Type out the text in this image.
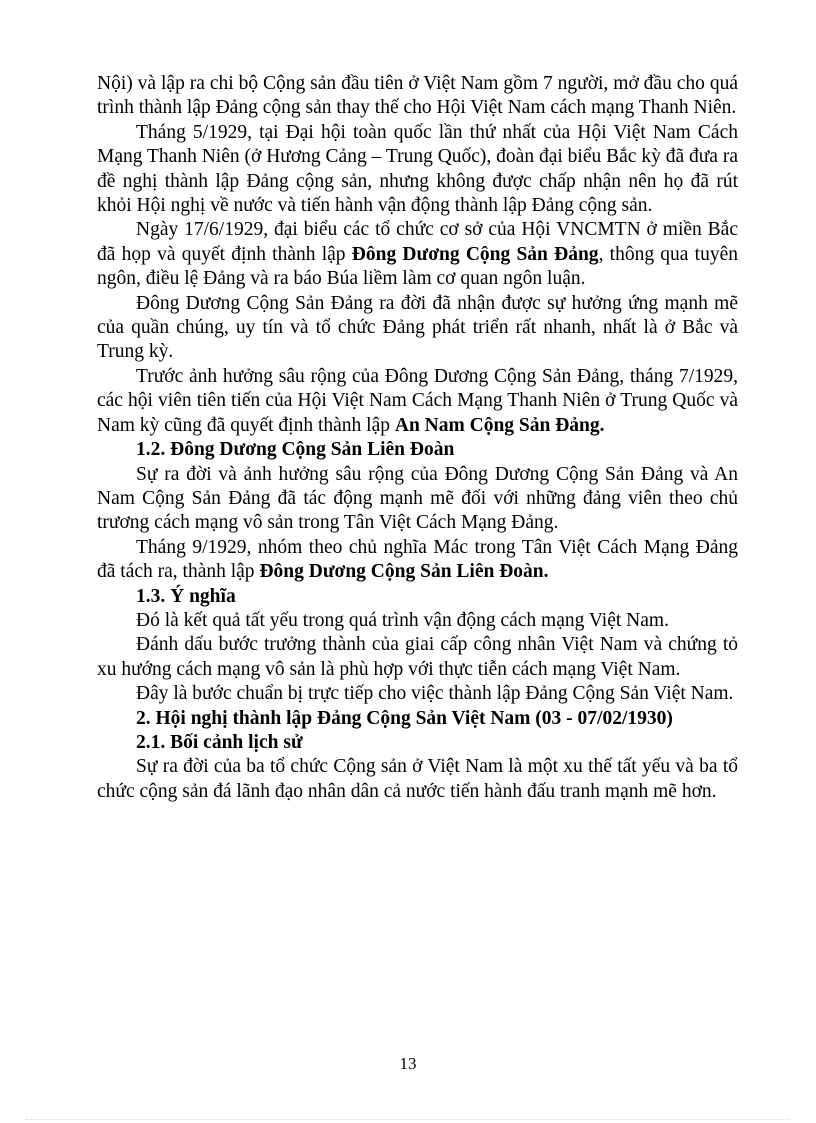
Nội) và lập ra chi bộ Cộng sản đầu tiên ở Việt Nam gồm 7 người, mở đầu cho quá trình thành lập Đảng cộng sản thay thế cho Hội Việt Nam cách mạng Thanh Niên.

Tháng 5/1929, tại Đại hội toàn quốc lần thứ nhất của Hội Việt Nam Cách Mạng Thanh Niên (ở Hương Cảng – Trung Quốc), đoàn đại biểu Bắc kỳ đã đưa ra đề nghị thành lập Đảng cộng sản, nhưng không được chấp nhận nên họ đã rút khỏi Hội nghị về nước và tiến hành vận động thành lập Đảng cộng sản.

Ngày 17/6/1929, đại biểu các tổ chức cơ sở của Hội VNCMTN ở miền Bắc đã họp và quyết định thành lập Đông Dương Cộng Sản Đảng, thông qua tuyên ngôn, điều lệ Đảng và ra báo Búa liềm làm cơ quan ngôn luận.

Đông Dương Cộng Sản Đảng ra đời đã nhận được sự hưởng ứng mạnh mẽ của quần chúng, uy tín và tổ chức Đảng phát triển rất nhanh, nhất là ở Bắc và Trung kỳ.

Trước ảnh hưởng sâu rộng của Đông Dương Cộng Sản Đảng, tháng 7/1929, các hội viên tiên tiến của Hội Việt Nam Cách Mạng Thanh Niên ở Trung Quốc và Nam kỳ cũng đã quyết định thành lập An Nam Cộng Sản Đảng.

1.2. Đông Dương Cộng Sản Liên Đoàn

Sự ra đời và ảnh hưởng sâu rộng của Đông Dương Cộng Sản Đảng và An Nam Cộng Sản Đảng đã tác động mạnh mẽ đối với những đảng viên theo chủ trương cách mạng vô sản trong Tân Việt Cách Mạng Đảng.

Tháng 9/1929, nhóm theo chủ nghĩa Mác trong Tân Việt Cách Mạng Đảng đã tách ra, thành lập Đông Dương Cộng Sản Liên Đoàn.

1.3. Ý nghĩa

Đó là kết quả tất yếu trong quá trình vận động cách mạng Việt Nam.

Đánh dấu bước trưởng thành của giai cấp công nhân Việt Nam và chứng tỏ xu hướng cách mạng vô sản là phù hợp với thực tiễn cách mạng Việt Nam.

Đây là bước chuẩn bị trực tiếp cho việc thành lập Đảng Cộng Sản Việt Nam.

2. Hội nghị thành lập Đảng Cộng Sản Việt Nam (03 - 07/02/1930)

2.1. Bối cảnh lịch sử

Sự ra đời của ba tổ chức Cộng sản ở Việt Nam là một xu thế tất yếu và ba tổ chức cộng sản đá lãnh đạo nhân dân cả nước tiến hành đấu tranh mạnh mẽ hơn.

13
